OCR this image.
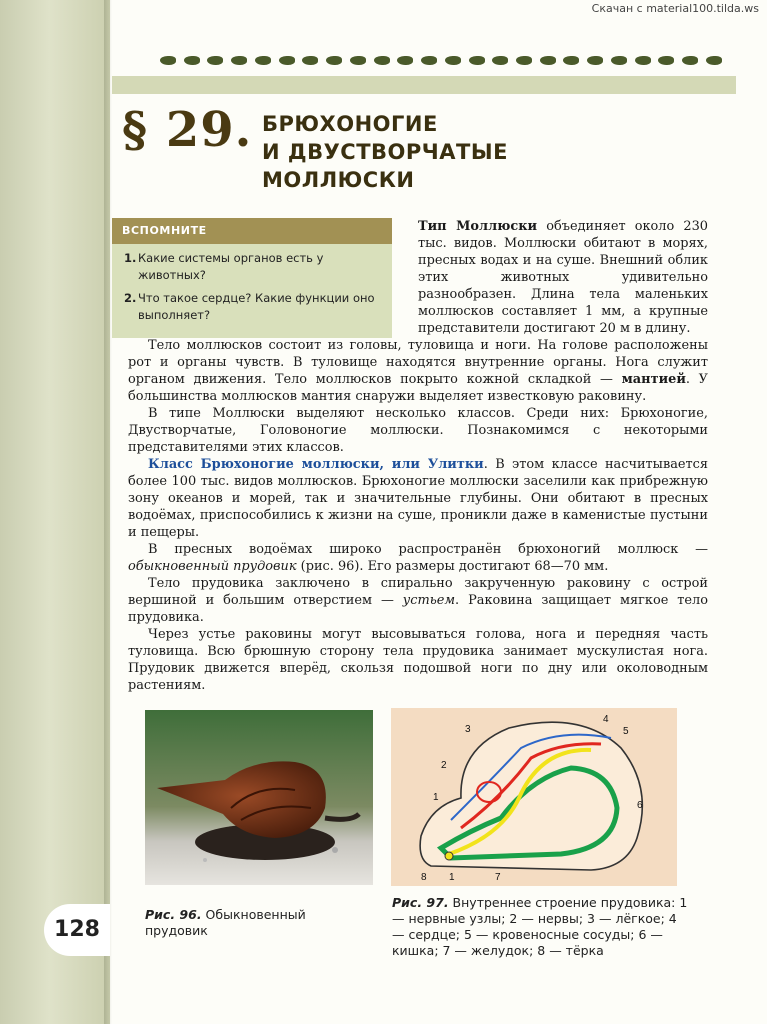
Скачан с material100.tilda.ws
§ 29. БРЮХОНОГИЕ
И ДВУСТВОРЧАТЫЕ
МОЛЛЮСКИ
ВСПОМНИТЕ
1. Какие системы органов есть у животных?
2. Что такое сердце? Какие функции оно выполняет?
Тип Моллюски объединяет около 230 тыс. видов. Моллюски обитают в морях, пресных водах и на суше. Внешний облик этих животных удивительно разнообразен. Длина тела маленьких моллюсков составляет 1 мм, а крупные представители достигают 20 м в длину.

Тело моллюсков состоит из головы, туловища и ноги. На голове расположены рот и органы чувств. В туловище находятся внутренние органы. Нога служит органом движения. Тело моллюсков покрыто кожной складкой — мантией. У большинства моллюсков мантия снаружи выделяет известковую раковину.

В типе Моллюски выделяют несколько классов. Среди них: Брюхоногие, Двустворчатые, Головоногие моллюски. Познакомимся с некоторыми представителями этих классов.

Класс Брюхоногие моллюски, или Улитки. В этом классе насчитывается более 100 тыс. видов моллюсков. Брюхоногие моллюски заселили как прибрежную зону океанов и морей, так и значительные глубины. Они обитают в пресных водоёмах, приспособились к жизни на суше, проникли даже в каменистые пустыни и пещеры.

В пресных водоёмах широко распространён брюхоногий моллюск — обыкновенный прудовик (рис. 96). Его размеры достигают 68—70 мм.

Тело прудовика заключено в спирально закрученную раковину с острой вершиной и большим отверстием — устьем. Раковина защищает мягкое тело прудовика.

Через устье раковины могут высовываться голова, нога и передняя часть туловища. Всю брюшную сторону тела прудовика занимает мускулистая нога. Прудовик движется вперёд, скользя подошвой ноги по дну или околоводным растениям.

3
4
5
2
6
1
8 1	7
Рис. 96. Обыкновенный прудовик
Рис. 97. Внутреннее строение прудовика: 1 — нервные узлы; 2 — нервы; 3 — лёгкое; 4 — сердце; 5 — кровеносные сосуды; 6 — кишка; 7 — желудок; 8 — тёрка
128
